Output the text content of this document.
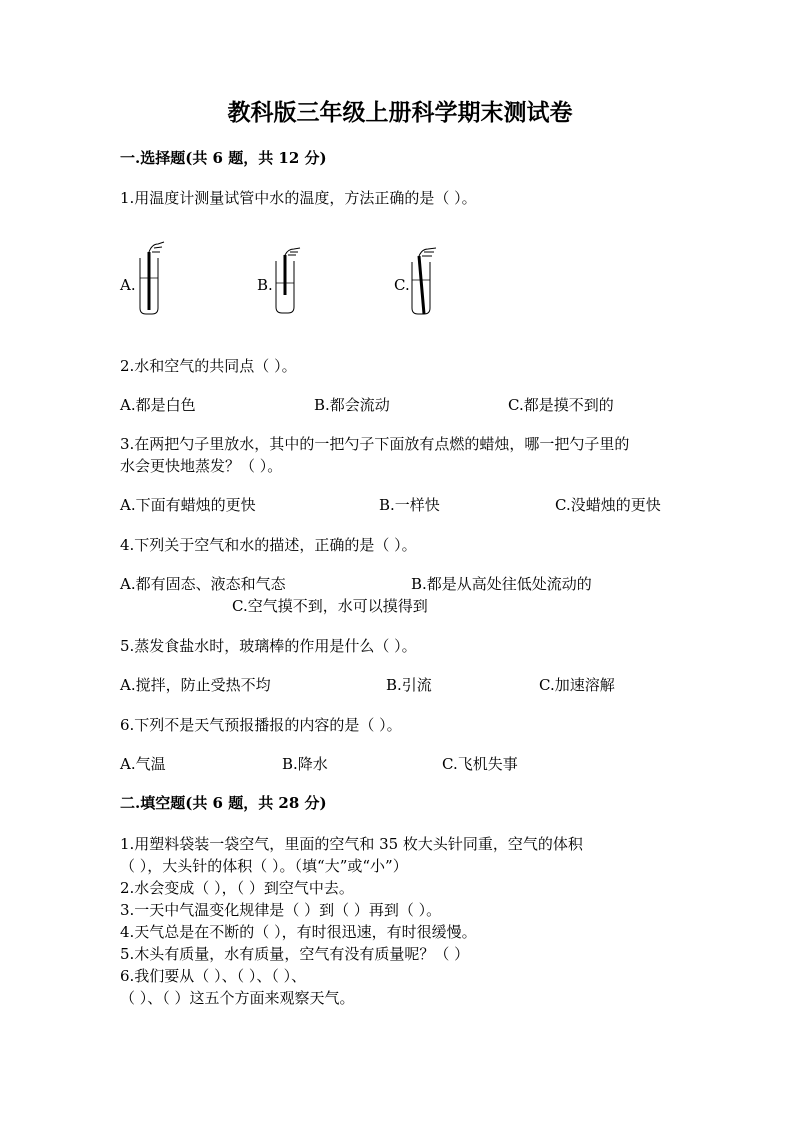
教科版三年级上册科学期末测试卷
一.选择题(共 6 题，共 12 分)
1.用温度计测量试管中水的温度，方法正确的是（ ）。
A.	B.	C.
2.水和空气的共同点（ ）。
A.都是白色	B.都会流动	C.都是摸不到的
3.在两把勺子里放水，其中的一把勺子下面放有点燃的蜡烛，哪一把勺子里的
水会更快地蒸发？（ ）。
A.下面有蜡烛的更快	B.一样快	C.没蜡烛的更快
4.下列关于空气和水的描述，正确的是（ ）。
A.都有固态、液态和气态	B.都是从高处往低处流动的
C.空气摸不到，水可以摸得到
5.蒸发食盐水时，玻璃棒的作用是什么（ ）。
A.搅拌，防止受热不均	B.引流	C.加速溶解
6.下列不是天气预报播报的内容的是（ ）。
A.气温	B.降水	C.飞机失事
二.填空题(共 6 题，共 28 分)
1.用塑料袋装一袋空气，里面的空气和 35 枚大头针同重，空气的体积
（ ），大头针的体积（ ）。（填“大”或“小”）
2.水会变成（ ），（ ）到空气中去。
3.一天中气温变化规律是（ ）到（ ）再到（ ）。
4.天气总是在不断的（ ），有时很迅速，有时很缓慢。
5.木头有质量，水有质量，空气有没有质量呢？（ ）
6.我们要从（ ）、（ ）、（ ）、
（ ）、（ ）这五个方面来观察天气。
